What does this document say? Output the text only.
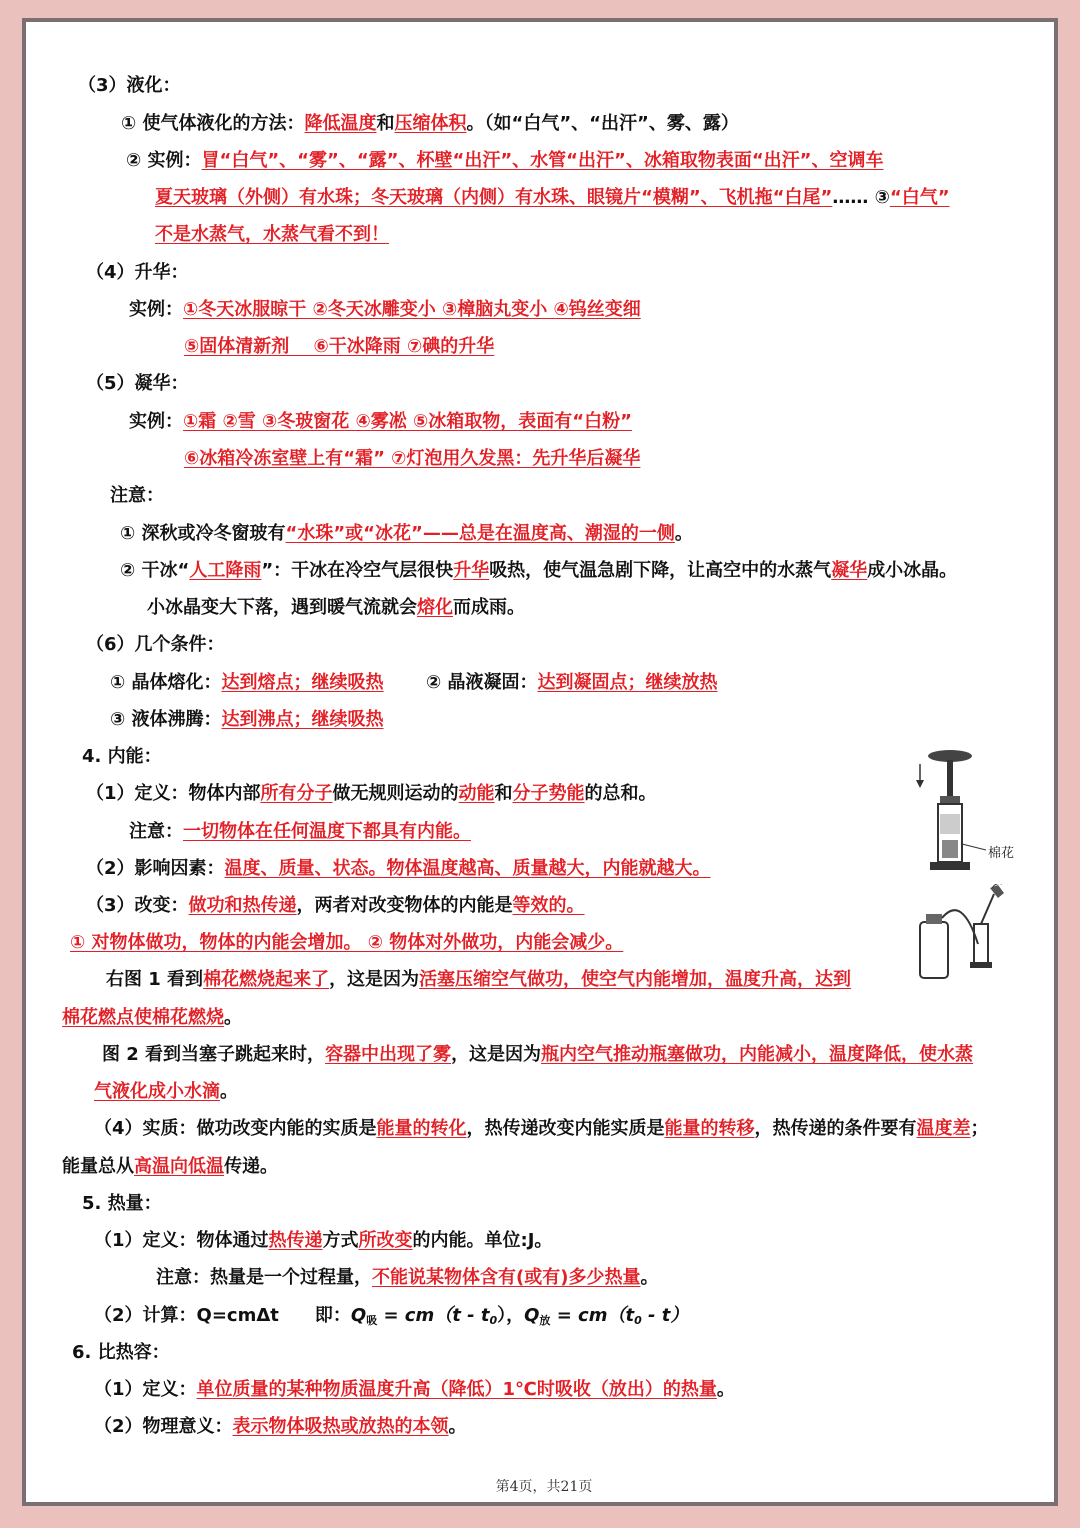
（3）液化：
① 使气体液化的方法：降低温度和压缩体积。（如“白气”、“出汗”、雾、露）
② 实例：冒“白气”、“雾”、“露”、杯壁“出汗”、水管“出汗”、冰箱取物表面“出汗”、空调车
夏天玻璃（外侧）有水珠；冬天玻璃（内侧）有水珠、眼镜片“模糊”、飞机拖“白尾”…… ③“白气”
不是水蒸气，水蒸气看不到！
（4）升华：
实例：①冬天冰服晾干 ②冬天冰雕变小 ③樟脑丸变小 ④钨丝变细
⑤固体清新剂　 ⑥干冰降雨 ⑦碘的升华
（5）凝华：
实例：①霜 ②雪 ③冬玻窗花 ④雾凇 ⑤冰箱取物，表面有“白粉”
⑥冰箱冷冻室壁上有“霜” ⑦灯泡用久发黑：先升华后凝华
注意：
① 深秋或冷冬窗玻有“水珠”或“冰花”——总是在温度高、潮湿的一侧。
② 干冰“人工降雨”：干冰在冷空气层很快升华吸热，使气温急剧下降，让高空中的水蒸气凝华成小冰晶。
小冰晶变大下落，遇到暖气流就会熔化而成雨。
（6）几个条件：
① 晶体熔化：达到熔点；继续吸热 ② 晶液凝固：达到凝固点；继续放热
③ 液体沸腾：达到沸点；继续吸热
4. 内能：
（1）定义：物体内部所有分子做无规则运动的动能和分子势能的总和。
注意：一切物体在任何温度下都具有内能。
（2）影响因素：温度、质量、状态。物体温度越高、质量越大，内能就越大。
（3）改变：做功和热传递，两者对改变物体的内能是等效的。
① 对物体做功，物体的内能会增加。 ② 物体对外做功，内能会减少。
右图 1 看到棉花燃烧起来了，这是因为活塞压缩空气做功，使空气内能增加，温度升高，达到
棉花燃点使棉花燃烧。
图 2 看到当塞子跳起来时，容器中出现了雾，这是因为瓶内空气推动瓶塞做功，内能减小，温度降低，使水蒸
气液化成小水滴。
（4）实质：做功改变内能的实质是能量的转化，热传递改变内能实质是能量的转移，热传递的条件要有温度差；
能量总从高温向低温传递。
5. 热量：
（1）定义：物体通过热传递方式所改变的内能。单位:J。
注意：热量是一个过程量，不能说某物体含有(或有)多少热量。
（2）计算：Q=cmΔt　　即：$Q_吸 = cm(t - t_0)$，$Q_放 = cm(t_0 - t)$
6. 比热容：
（1）定义：单位质量的某种物质温度升高（降低）1℃时吸收（放出）的热量。
（2）物理意义：表示物体吸热或放热的本领。
棉花
第4页，共21页
